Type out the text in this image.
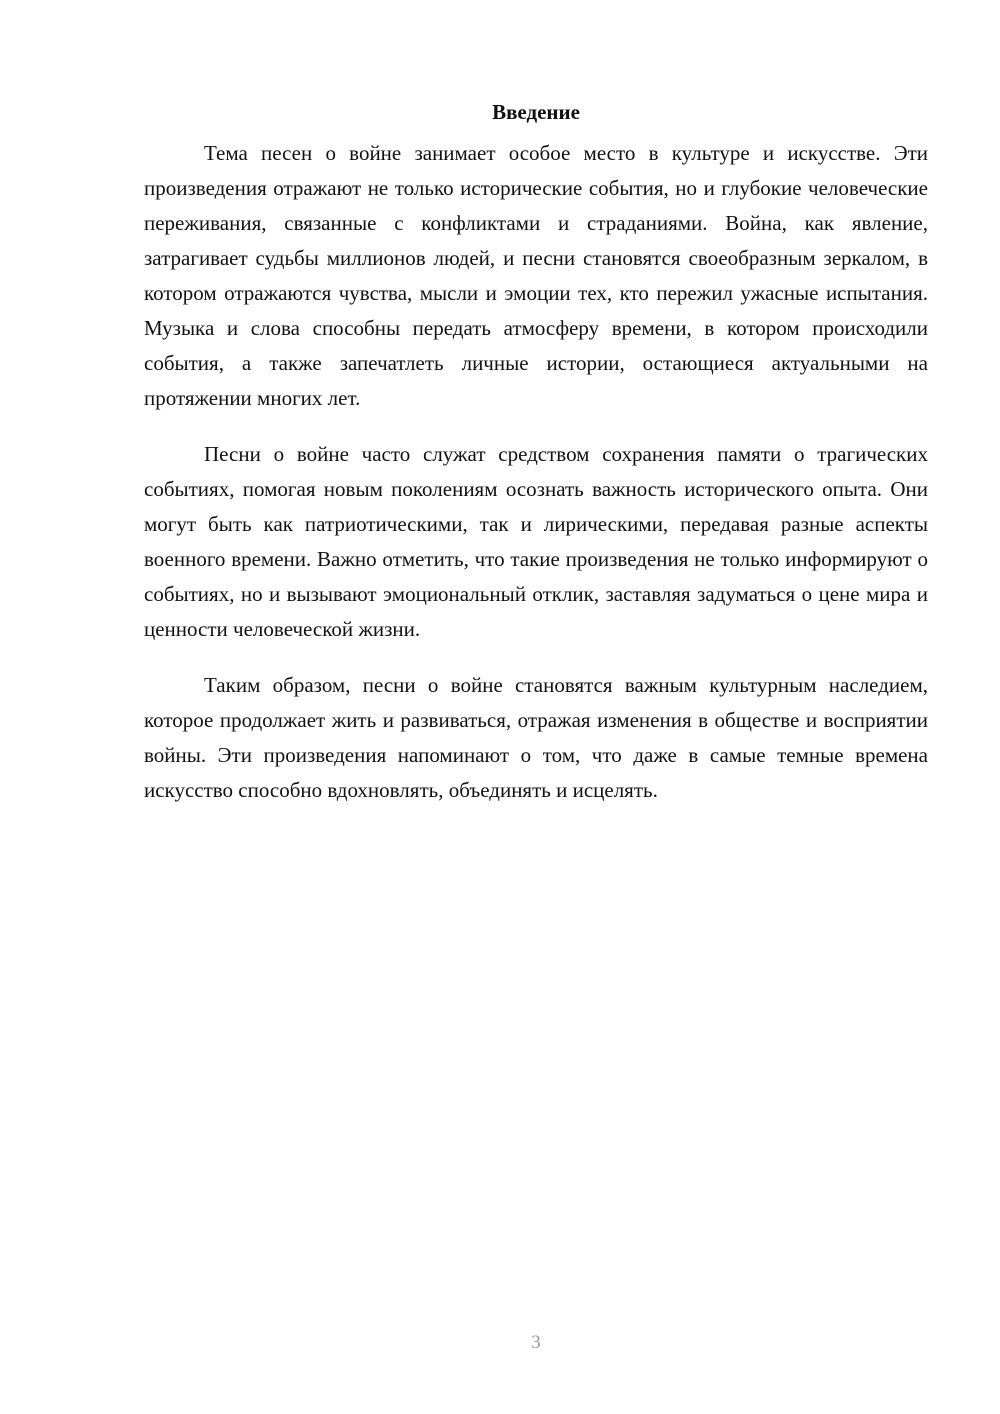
Введение

Тема песен о войне занимает особое место в культуре и искусстве. Эти произведения отражают не только исторические события, но и глубокие человеческие переживания, связанные с конфликтами и страданиями. Война, как явление, затрагивает судьбы миллионов людей, и песни становятся своеобразным зеркалом, в котором отражаются чувства, мысли и эмоции тех, кто пережил ужасные испытания. Музыка и слова способны передать атмосферу времени, в котором происходили события, а также запечатлеть личные истории, остающиеся актуальными на протяжении многих лет.

Песни о войне часто служат средством сохранения памяти о трагических событиях, помогая новым поколениям осознать важность исторического опыта. Они могут быть как патриотическими, так и лирическими, передавая разные аспекты военного времени. Важно отметить, что такие произведения не только информируют о событиях, но и вызывают эмоциональный отклик, заставляя задуматься о цене мира и ценности человеческой жизни.

Таким образом, песни о войне становятся важным культурным наследием, которое продолжает жить и развиваться, отражая изменения в обществе и восприятии войны. Эти произведения напоминают о том, что даже в самые темные времена искусство способно вдохновлять, объединять и исцелять.

3
